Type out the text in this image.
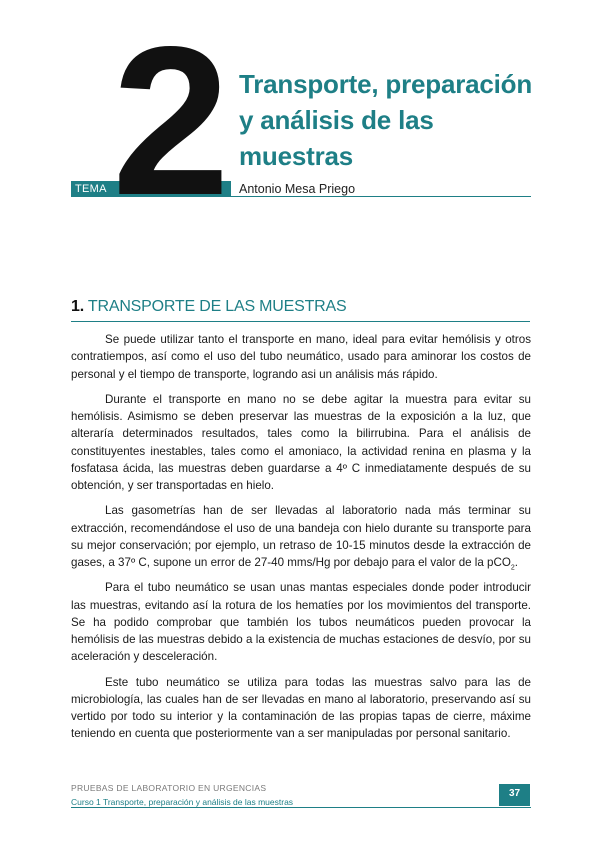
TEMA 2 Transporte, preparación
y análisis de las
muestras
Antonio Mesa Priego
1. TRANSPORTE DE LAS MUESTRAS

Se puede utilizar tanto el transporte en mano, ideal para evitar hemólisis y otros contratiempos, así como el uso del tubo neumático, usado para aminorar los costos de personal y el tiempo de transporte, logrando asi un análisis más rápido.

Durante el transporte en mano no se debe agitar la muestra para evitar su hemólisis. Asimismo se deben preservar las muestras de la exposición a la luz, que alteraría determinados resultados, tales como la bilirrubina. Para el análisis de constituyentes inestables, tales como el amoniaco, la actividad renina en plasma y la fosfatasa ácida, las muestras deben guardarse a 4º C inmediatamente después de su obtención, y ser transportadas en hielo.

Las gasometrías han de ser llevadas al laboratorio nada más terminar su extracción, recomendándose el uso de una bandeja con hielo durante su transporte para su mejor conservación; por ejemplo, un retraso de 10-15 minutos desde la extracción de gases, a 37º C, supone un error de 27-40 mms/Hg por debajo para el valor de la pCO$_2$.

Para el tubo neumático se usan unas mantas especiales donde poder introducir las muestras, evitando así la rotura de los hematíes por los movimientos del transporte. Se ha podido comprobar que también los tubos neumáticos pueden provocar la hemólisis de las muestras debido a la existencia de muchas estaciones de desvío, por su aceleración y desceleración.

Este tubo neumático se utiliza para todas las muestras salvo para las de microbiología, las cuales han de ser llevadas en mano al laboratorio, preservando así su vertido por todo su interior y la contaminación de las propias tapas de cierre, máxime teniendo en cuenta que posteriormente van a ser manipuladas por personal sanitario.

PRUEBAS DE LABORATORIO EN URGENCIAS
Curso 1 Transporte, preparación y análisis de las muestras
37
